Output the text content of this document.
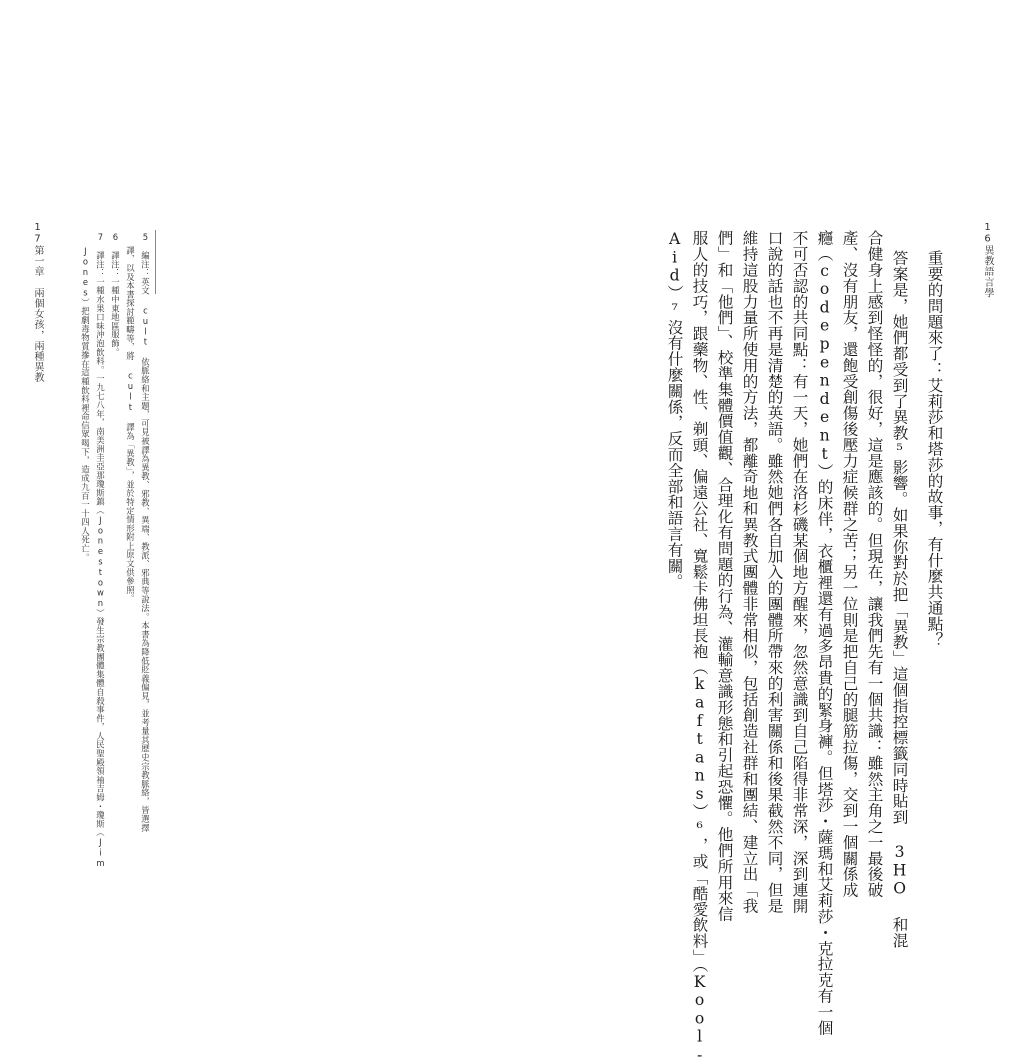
16異教語言學
重要的問題來了：艾莉莎和塔莎的故事，有什麼共通點？
答案是，她們都受到了異教⁵影響。如果你對於把「異教」這個指控標籤同時貼到 3HO 和混
合健身上感到怪怪的，很好，這是應該的。但現在，讓我們先有一個共識：雖然主角之一最後破
產、沒有朋友，還飽受創傷後壓力症候群之苦；另一位則是把自己的腿筋拉傷，交到一個關係成
癮（codependent）的床伴，衣櫃裡還有過多昂貴的緊身褲。但塔莎・薩瑪和艾莉莎・克拉克有一個
不可否認的共同點：有一天，她們在洛杉磯某個地方醒來，忽然意識到自己陷得非常深，深到連開
口說的話也不再是清楚的英語。雖然她們各自加入的團體所帶來的利害關係和後果截然不同，但是
維持這股力量所使用的方法，都離奇地和異教式團體非常相似，包括創造社群和團結、建立出「我
們」和「他們」、校準集體價值觀、合理化有問題的行為、灌輸意識形態和引起恐懼。他們所用來信
服人的技巧，跟藥物、性、剃頭、偏遠公社、寬鬆卡佛坦長袍（kaftans）⁶，或「酷愛飲料」（Kool-
Aid）⁷沒有什麼關係，反而全部和語言有關。
5　編注：英文 cult 依脈絡和主題，可見被譯為異教、邪教、異端、教派、邪典等說法。本書為降低貶義偏見，並考量其歷史宗教脈絡，皆選擇
譯，以及本書探討範疇等，將 cult 譯為「異教」，並於特定情形附上原文供參照。
6　譯注：一種中東地區服飾。
7　譯注：一種水果口味沖泡飲料。一九七八年，南美洲圭亞那瓊斯鎮（Jonestown）發生宗教團體集體自殺事件，人民聖殿領袖吉姆・瓊斯（Jim
Jones）把劇毒物質摻在這種飲料裡命信眾喝下，造成九百一十四人死亡。
17第一章　兩個女孩，兩種異教
